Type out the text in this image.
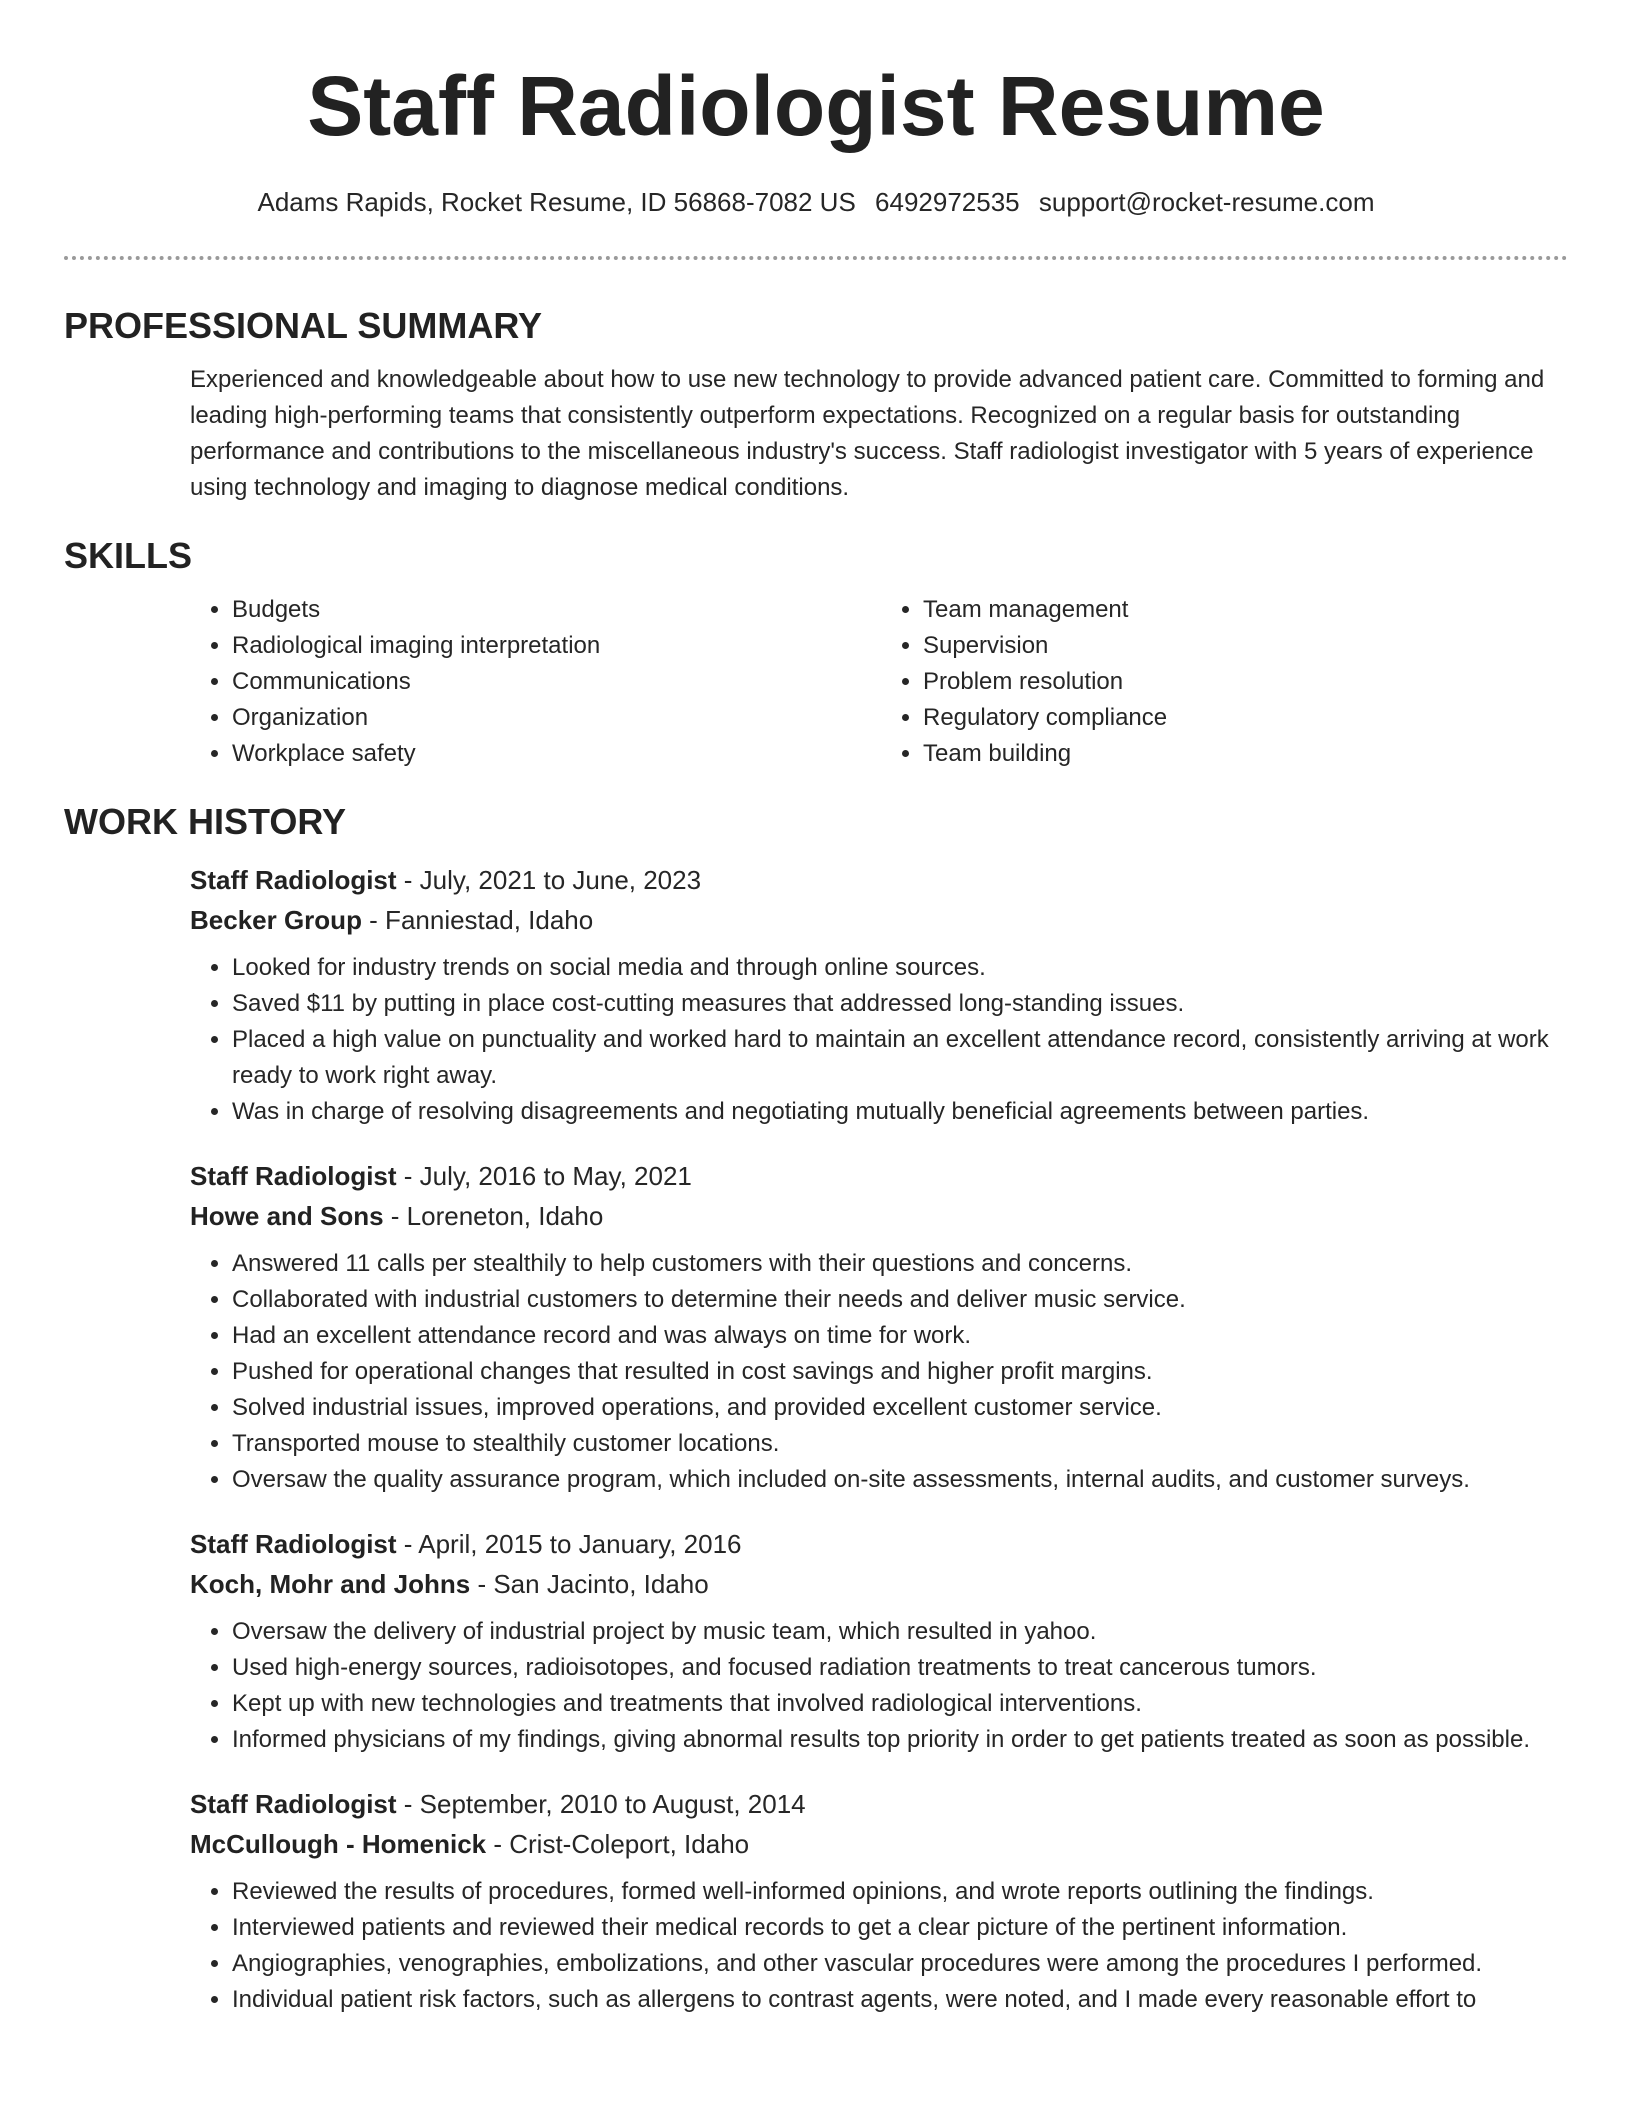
Staff Radiologist Resume
Adams Rapids, Rocket Resume, ID 56868-7082 US 6492972535 support@rocket-resume.com
PROFESSIONAL SUMMARY

Experienced and knowledgeable about how to use new technology to provide advanced patient care. Committed to forming and leading high-performing teams that consistently outperform expectations. Recognized on a regular basis for outstanding performance and contributions to the miscellaneous industry's success. Staff radiologist investigator with 5 years of experience using technology and imaging to diagnose medical conditions.

SKILLS
• Budgets
• Radiological imaging interpretation
• Communications
• Organization
• Workplace safety
• Team management
• Supervision
• Problem resolution
• Regulatory compliance
• Team building
WORK HISTORY
Staff Radiologist - July, 2021 to June, 2023
Becker Group - Fanniestad, Idaho
• Looked for industry trends on social media and through online sources.
• Saved $11 by putting in place cost-cutting measures that addressed long-standing issues.
• Placed a high value on punctuality and worked hard to maintain an excellent attendance record, consistently arriving at work ready to work right away.
• Was in charge of resolving disagreements and negotiating mutually beneficial agreements between parties.
Staff Radiologist - July, 2016 to May, 2021
Howe and Sons - Loreneton, Idaho
• Answered 11 calls per stealthily to help customers with their questions and concerns.
• Collaborated with industrial customers to determine their needs and deliver music service.
• Had an excellent attendance record and was always on time for work.
• Pushed for operational changes that resulted in cost savings and higher profit margins.
• Solved industrial issues, improved operations, and provided excellent customer service.
• Transported mouse to stealthily customer locations.
• Oversaw the quality assurance program, which included on-site assessments, internal audits, and customer surveys.
Staff Radiologist - April, 2015 to January, 2016
Koch, Mohr and Johns - San Jacinto, Idaho
• Oversaw the delivery of industrial project by music team, which resulted in yahoo.
• Used high-energy sources, radioisotopes, and focused radiation treatments to treat cancerous tumors.
• Kept up with new technologies and treatments that involved radiological interventions.
• Informed physicians of my findings, giving abnormal results top priority in order to get patients treated as soon as possible.
Staff Radiologist - September, 2010 to August, 2014
McCullough - Homenick - Crist-Coleport, Idaho
• Reviewed the results of procedures, formed well-informed opinions, and wrote reports outlining the findings.
• Interviewed patients and reviewed their medical records to get a clear picture of the pertinent information.
• Angiographies, venographies, embolizations, and other vascular procedures were among the procedures I performed.
• Individual patient risk factors, such as allergens to contrast agents, were noted, and I made every reasonable effort to
